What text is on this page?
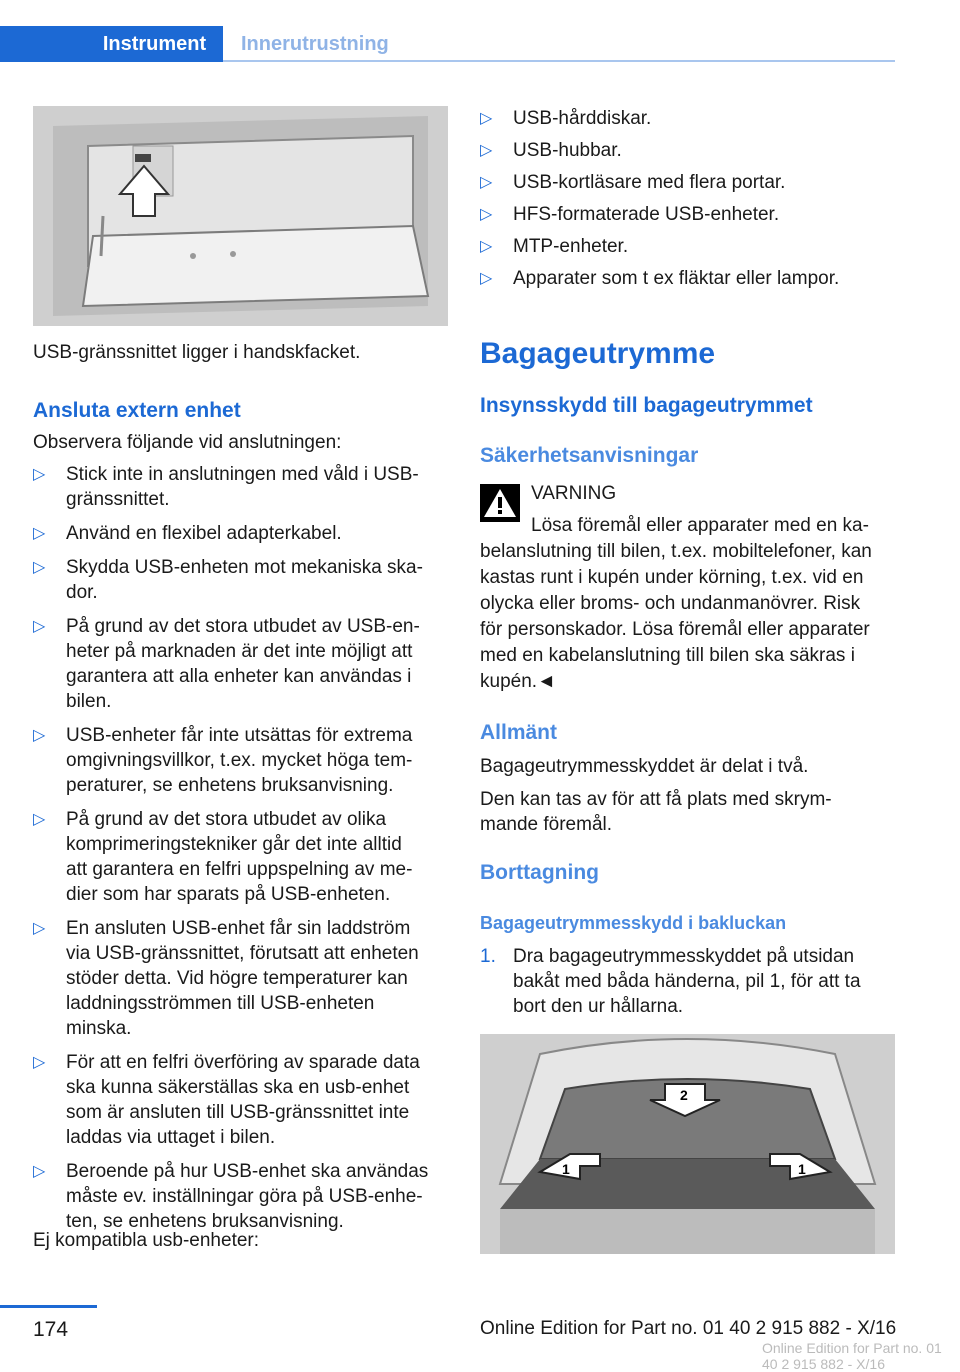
Instrument	Innerutrustning
USB-gränssnittet ligger i handskfacket.
Ansluta extern enhet
Observera följande vid anslutningen:
▷ Stick inte in anslutningen med våld i USB-
gränssnittet.
▷ Använd en flexibel adapterkabel.
▷ Skydda USB-enheten mot mekaniska ska-
dor.
▷ På grund av det stora utbudet av USB-en-
heter på marknaden är det inte möjligt att
garantera att alla enheter kan användas i
bilen.
▷ USB-enheter får inte utsättas för extrema
omgivningsvillkor, t.ex. mycket höga tem-
peraturer, se enhetens bruksanvisning.
▷ På grund av det stora utbudet av olika
komprimeringstekniker går det inte alltid
att garantera en felfri uppspelning av me-
dier som har sparats på USB-enheten.
▷ En ansluten USB-enhet får sin laddström
via USB-gränssnittet, förutsatt att enheten
stöder detta. Vid högre temperaturer kan
laddningsströmmen till USB-enheten
minska.
▷ För att en felfri överföring av sparade data
ska kunna säkerställas ska en usb-enhet
som är ansluten till USB-gränssnittet inte
laddas via uttaget i bilen.
▷ Beroende på hur USB-enhet ska användas
måste ev. inställningar göra på USB-enhe-
ten, se enhetens bruksanvisning.
Ej kompatibla usb-enheter:
▷ USB-hårddiskar.
▷ USB-hubbar.
▷ USB-kortläsare med flera portar.
▷ HFS-formaterade USB-enheter.
▷ MTP-enheter.
▷ Apparater som t ex fläktar eller lampor.
Bagageutrymme
Insynsskydd till bagageutrymmet
Säkerhetsanvisningar
VARNING
Lösa föremål eller apparater med en ka-
belanslutning till bilen, t.ex. mobiltelefoner, kan
kastas runt i kupén under körning, t.ex. vid en
olycka eller broms- och undanmanövrer. Risk
för personskador. Lösa föremål eller apparater
med en kabelanslutning till bilen ska säkras i
kupén.◄
Allmänt
Bagageutrymmesskyddet är delat i två.
Den kan tas av för att få plats med skrym-
mande föremål.
Borttagning
Bagageutrymmesskydd i bakluckan
1. Dra bagageutrymmesskyddet på utsidan
bakåt med båda händerna, pil 1, för att ta
bort den ur hållarna.
2
1	1
174	Online Edition for Part no. 01 40 2 915 882 - X/16
Online Edition for Part no. 01 40 2 915 882 - X/16
